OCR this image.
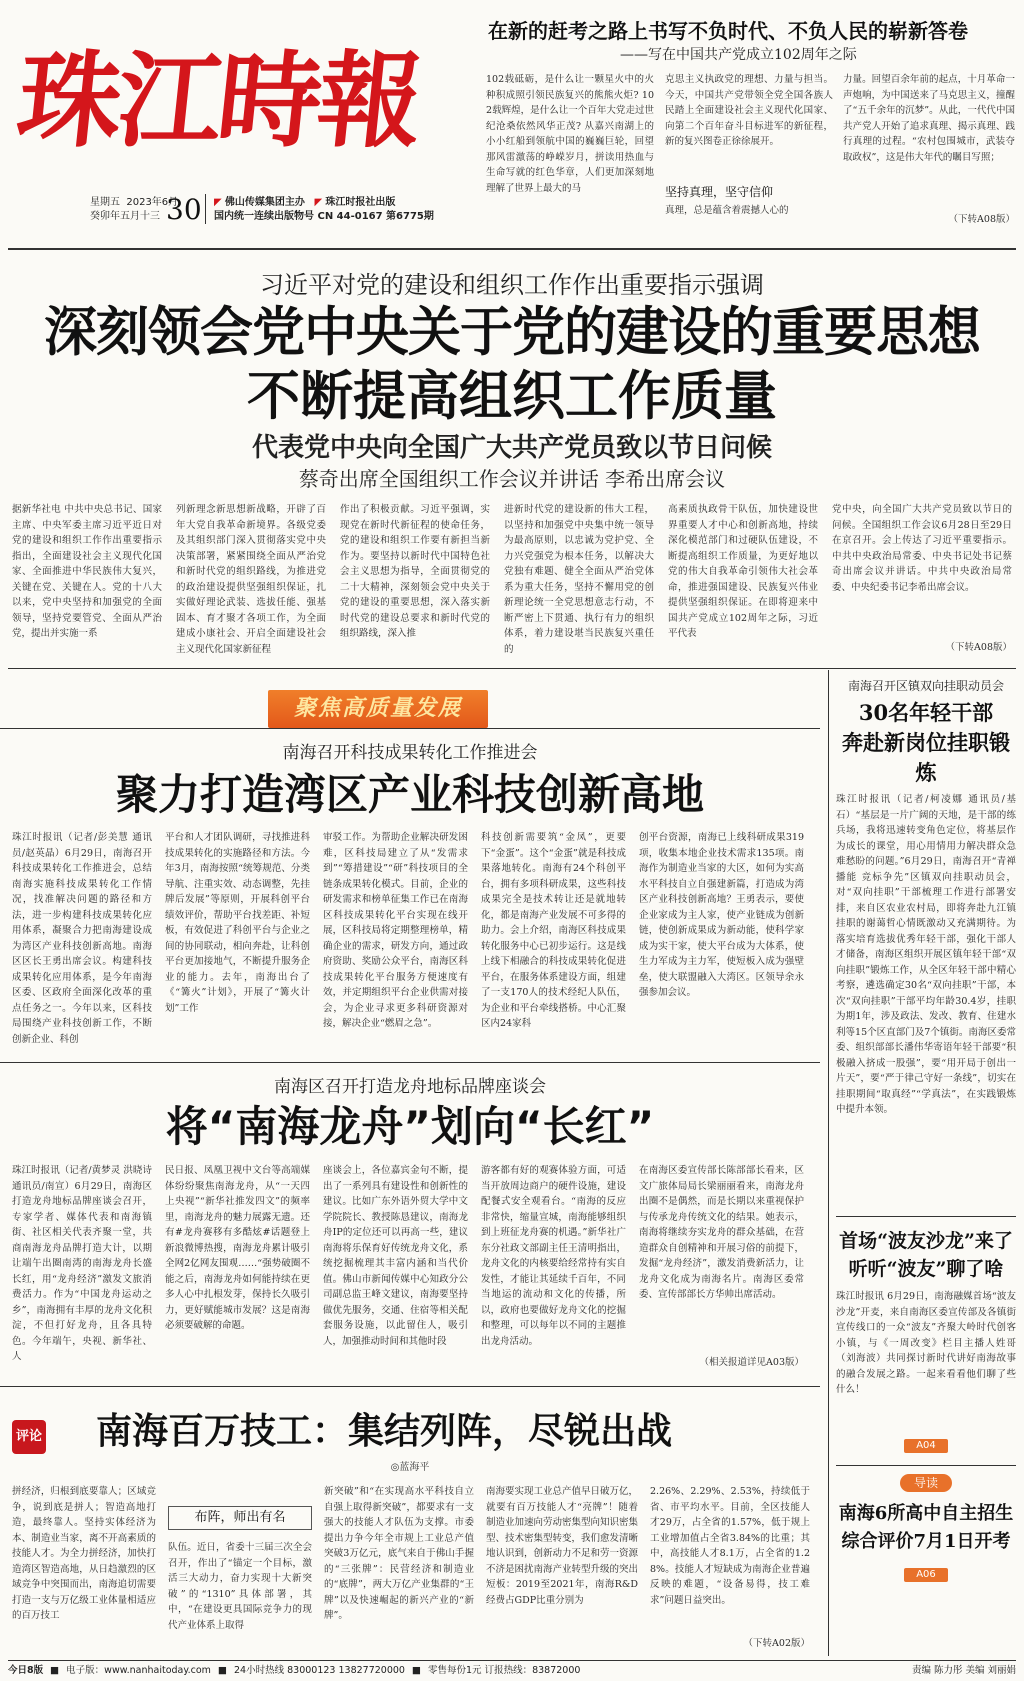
珠江時報
星期五 2023年6月
癸卯年五月十三 30 ◤ 佛山传媒集团主办 ◤ 珠江时报社出版
国内统一连续出版物号 CN 44-0167 第6775期
在新的赶考之路上书写不负时代、不负人民的崭新答卷
——写在中国共产党成立102周年之际
102载砥砺，是什么让一颗星火中的火种积成照引领民族复兴的熊熊火炬? 102载辉煌，是什么让一个百年大党走过世纪沧桑依然风华正茂? 从嘉兴南湖上的小小红船到领航中国的巍巍巨轮，回望那风雷激荡的峥嵘岁月，拼读用热血与生命写就的红色华章，人们更加深刻地理解了世界上最大的马
克思主义执政党的理想、力量与担当。今天，中国共产党带领全党全国各族人民踏上全面建设社会主义现代化国家、向第二个百年奋斗目标进军的新征程，新的复兴图卷正徐徐展开。
坚持真理，坚守信仰
真理，总是蕴含着震撼人心的
力量。回望百余年前的起点，十月革命一声炮响，为中国送来了马克思主义，撞醒了“五千余年的沉梦”。从此，一代代中国共产党人开始了追求真理、揭示真理、践行真理的过程。“农村包围城市，武装夺取政权”，这是伟大年代的瞩目写照；
（下转A08版）
习近平对党的建设和组织工作作出重要指示强调
深刻领会党中央关于党的建设的重要思想
不断提高组织工作质量
代表党中央向全国广大共产党员致以节日问候
蔡奇出席全国组织工作会议并讲话 李希出席会议
据新华社电 中共中央总书记、国家主席、中央军委主席习近平近日对党的建设和组织工作作出重要指示指出，全面建设社会主义现代化国家、全面推进中华民族伟大复兴，关键在党、关键在人。党的十八大以来，党中央坚持和加强党的全面领导，坚持党要管党、全面从严治党，提出并实施一系
列新理念新思想新战略，开辟了百年大党自我革命新境界。各级党委及其组织部门深入贯彻落实党中央决策部署，紧紧围绕全面从严治党和新时代党的组织路线，为推进党的政治建设提供坚强组织保证，扎实做好理论武装、选拔任能、强基固本、育才聚才各项工作，为全面建成小康社会、开启全面建设社会主义现代化国家新征程
作出了积极贡献。习近平强调，实现党在新时代新征程的使命任务，党的建设和组织工作要有新担当新作为。要坚持以新时代中国特色社会主义思想为指导，全面贯彻党的二十大精神，深刻领会党中央关于党的建设的重要思想，深入落实新时代党的建设总要求和新时代党的组织路线，深入推
进新时代党的建设新的伟大工程，以坚持和加强党中央集中统一领导为最高原则，以忠诚为党护党、全力兴党强党为根本任务，以解决大党独有难题、健全全面从严治党体系为重大任务，坚持不懈用党的创新理论统一全党思想意志行动，不断严密上下贯通、执行有力的组织体系，着力建设堪当民族复兴重任的
高素质执政骨干队伍，加快建设世界重要人才中心和创新高地，持续深化模范部门和过硬队伍建设，不断提高组织工作质量，为更好地以党的伟大自我革命引领伟大社会革命，推进强国建设、民族复兴伟业提供坚强组织保证。在即将迎来中国共产党成立102周年之际，习近平代表
党中央，向全国广大共产党员致以节日的问候。全国组织工作会议6月28日至29日在京召开。会上传达了习近平重要指示。中共中央政治局常委、中央书记处书记蔡奇出席会议并讲话。中共中央政治局常委、中央纪委书记李希出席会议。
（下转A08版）
聚焦高质量发展
南海召开科技成果转化工作推进会
聚力打造湾区产业科技创新高地
珠江时报讯（记者/彭美慧 通讯员/赵英晶）6月29日，南海召开科技成果转化工作推进会，总结南海实施科技成果转化工作情况，找准解决问题的路径和方法，进一步构建科技成果转化应用体系，凝聚合力把南海建设成为湾区产业科技创新高地。南海区区长王勇出席会议。构建科技成果转化应用体系，是今年南海区委、区政府全面深化改革的重点任务之一。今年以来，区科技局围绕产业科技创新工作，不断创新企业、科创
平台和人才团队调研，寻找推进科技成果转化的实施路径和方法。今年3月，南海按照“统筹规范、分类导航、注重实效、动态调整，先挂牌后发展”等原则，开展科创平台绩效评价，帮助平台找差距、补短板，有效促进了科创平台与企业之间的协同联动，相向奔赴，让科创平台更加接地气，不断提升服务企业的能力。去年，南海出台了《“篝火”计划》，开展了“篝火计划”工作
审驳工作。为帮助企业解决研发困难，区科技局建立了从“发需求到”“筹措建设”“研”科技项目的全链条成果转化模式。目前，企业的研发需求和榜单征集工作已在南海区科技成果转化平台实现在线开展，区科技局将定期整理榜单，精确企业的需求，研发方向，通过政府资助、奖励公众平台，南海区科技成果转化平台服务方便速度有效，并定期组织平台企业供需对接会，为企业寻求更多科研资源对接，解决企业“燃眉之急”。
科技创新需要筑“金凤”，更要下“金蛋”。这个“金蛋”就是科技成果落地转化。南海有24个科创平台，拥有多项科研成果，这些科技成果完全是技术转让还是就地转化，都是南海产业发展不可多得的助力。会上介绍，南海区科技成果转化服务中心已初步运行。这是线上线下相融合的科技成果转化促进平台，在服务体系建设方面，组建了一支170人的技术经纪人队伍，为企业和平台牵线搭桥。中心汇聚区内24家科
创平台资源，南海已上线科研成果319项，收集本地企业技术需求135项。南海作为制造业当家的大区，如何为实高水平科技自立自强建新篇，打造成为湾区产业科技创新高地？王勇表示，要使企业家成为主人家，使产业链成为创新链，使创新成果成为新动能，使科学家成为实干家，使大平台成为大体系，使生力军成为主力军，使短板入成为强壁垒，使大联盟融入大湾区。区领导余永强参加会议。
南海区召开打造龙舟地标品牌座谈会
将“南海龙舟”划向“长红”
珠江时报讯（记者/黄梦灵 洪晓诗 通讯员/南宣）6月29日，南海区打造龙舟地标品牌座谈会召开，专家学者、媒体代表和南海镇街、社区相关代表齐聚一堂，共商南海龙舟品牌打造大计，以期让端午出圈南湾的南海龙舟长盛长红，用“龙舟经济”激发文旅消费活力。作为“中国龙舟运动之乡”，南海拥有丰厚的龙舟文化积淀，不但打好龙舟，且各具特色。今年端午，央视、新华社、人
民日报、凤凰卫视中文台等高端媒体纷纷聚焦南海龙舟，从“一天四上央视”“新华社推发四文”的频率里，南海龙舟的魅力展露无遗。还有#龙舟赛移有多酷炫#话题登上新浪微博热搜，南海龙舟累计吸引全网2亿网友围观……“强势破圈不能之后，南海龙舟如何能持续在更多人心中扎根发芽，保持长久吸引力，更好赋能城市发展？这是南海必须要破解的命题。
座谈会上，各位嘉宾金句不断，提出了一系列具有建设性和创新性的建议。比如广东外语外贸大学中文学院院长、教授陈恳建议，南海龙舟IP的定位还可以再高一些，建议南海将乐保育好传统龙舟文化，系统挖掘梳理其丰富内涵和当代价值。佛山市新闻传媒中心知政分公司副总监王峰文建议，南海要坚持做优先服务，交通、住宿等相关配套服务设施，以此留住人，吸引人，加强推动时间和其他时段
游客都有好的观赛体验方面，可适当开放周边商户的硬件设施，建设配餐式安全观看台。“南海的反应非常快，缩量宣城，南海能够组织到上班征龙舟赛的机遇。”新华社广东分社政文部副主任王清明指出，龙舟文化的内核要给经常持有实自发性，才能让其延续千百年，不同当地运的流动和文化的传播，所以，政府也要做好龙舟文化的挖掘和整理，可以每年以不同的主题推出龙舟活动。
在南海区委宣传部长陈部部长看来，区文广旅体局局长梁丽丽看来，南海龙舟出圈不是偶然，而是长期以来重视保护与传承龙舟传统文化的结果。她表示，南海将继续夯实龙舟的群众基础，在营造群众自创精神和开展习俗的前提下，发掘“龙舟经济”，激发消费新活力，让龙舟文化成为南海名片。南海区委常委、宣传部部长方华帅出席活动。
（相关报道详见A03版）
南海召开区镇双向挂职动员会
30名年轻干部
奔赴新岗位挂职锻炼
珠江时报讯（记者/柯凌娜 通讯员/基石）“基层是一片广阔的天地，是干部的练兵场，我将迅速转变角色定位，将基层作为成长的课堂，用心用情用力解决群众急难愁盼的问题。”6月29日，南海召开“青禅播能 竞标争先”区镇双向挂职动员会，对“双向挂职”干部梳理工作进行部署安排，来自区农业农村局，即将奔赴九江镇挂职的谢蔼哲心情既激动又充满期待。为落实培育选拔优秀年轻干部，强化干部人才储备，南海区组织开展区镇年轻干部“双向挂职”锻炼工作，从全区年轻干部中精心考察，遴选确定30名“双向挂职”干部，本次“双向挂职”干部平均年龄30.4岁，挂职为期1年，涉及政法、发改、教育、住建水利等15个区直部门及7个镇街。南海区委常委、组织部部长潘伟华寄语年轻干部要“积极融入挤成一股强”，要“用开局于创出一片天”，要“严于律己守好一条线”，切实在挂职期间“取真经”“学真法”，在实践锻炼中提升本领。
首场“波友沙龙”来了
听听“波友”聊了啥
珠江时报讯 6月29日，南海融媒首场“波友沙龙”开麦，来自南海区委宣传部及各镇街宣传线口的一众“波友”齐聚大岭时代创客小镇，与《一周改变》栏目主播人姓哥（刘海波）共同探讨新时代讲好南海故事的融合发展之路。一起来看看他们聊了些什么！
A04
导读
南海6所高中自主招生
综合评价7月1日开考
A06
评论 南海百万技工：集结列阵，尽锐出战
◎蓝海平
拼经济，归根到底要靠人；区域竞争，说到底是拼人；智造高地打造，最终靠人。坚持实体经济为本、制造业当家，离不开高素质的技能人才。为全力拼经济，加快打造湾区智造高地，从日趋激烈的区域竞争中突围而出，南海追切需要打造一支与万亿级工业体量相适应的百万技工
布阵，师出有名
队伍。近日，省委十三届三次全会召开，作出了“锚定一个目标，激活三大动力，奋力实现十大新突破”的“1310”具体部署，其中，“在建设更具国际竞争力的现代产业体系上取得
新突破”和“在实现高水平科技自立自强上取得新突破”，都要求有一支强大的技能人才队伍为支撑。市委提出力争今年全市规上工业总产值突破3万亿元，底气来自于佛山手握的“三张牌”：民营经济和制造业的“底牌”，两大万亿产业集群的“王牌”以及快速崛起的新兴产业的“新牌”。
南海要实现工业总产值早日破万亿，就要有百万技能人才“亮牌”！随着制造业加速向劳动密集型向知识密集型、技术密集型转变，我们愈发清晰地认识到，创新动力不足和劳一资源不济是困扰南海产业转型升级的突出短板：2019至2021年，南海R&D经费占GDP比重分别为
2.26%、2.29%、2.53%，持续低于省、市平均水平。目前，全区技能人才29万，占全省的1.57%，低于规上工业增加值占全省3.84%的比重；其中，高技能人才8.1万，占全省的1.28%。技能人才短缺成为南海企业普遍反映的难题，“设备易得，技工难求”问题日益突出。
（下转A02版）
今日8版 ■ 电子版：www.nanhaitoday.com ■ 24小时热线 83000123 13827720000 ■ 零售每份1元 订报热线：83872000	责编 陈力彤 美编 刘丽娟
